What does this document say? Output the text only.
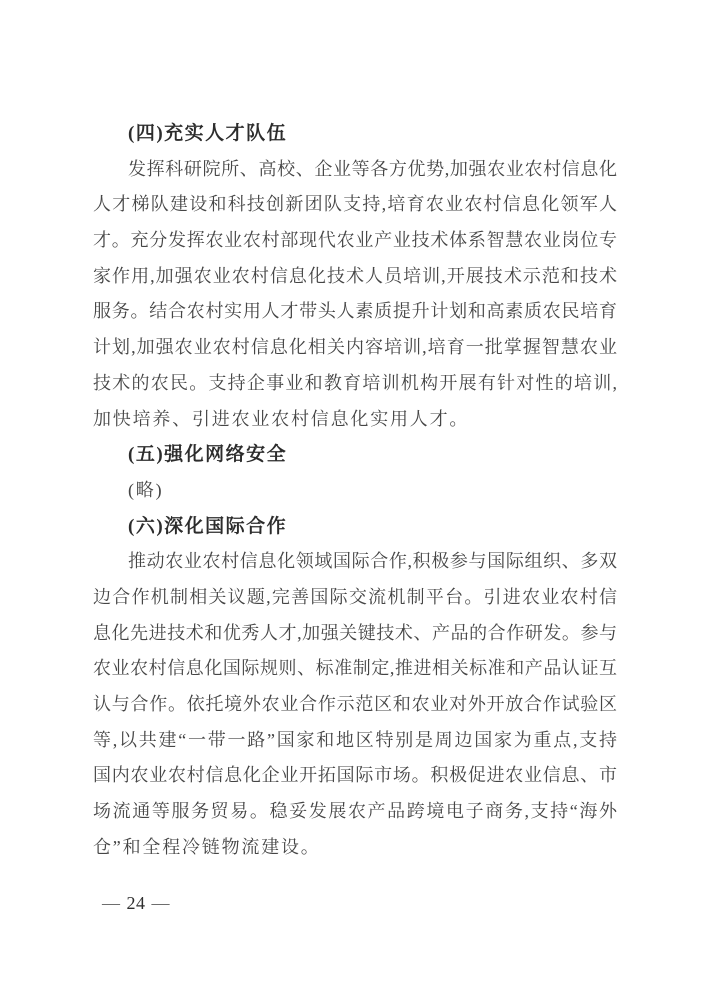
(四)充实人才队伍
发挥科研院所、高校、企业等各方优势,加强农业农村信息化
人才梯队建设和科技创新团队支持,培育农业农村信息化领军人
才。充分发挥农业农村部现代农业产业技术体系智慧农业岗位专
家作用,加强农业农村信息化技术人员培训,开展技术示范和技术
服务。结合农村实用人才带头人素质提升计划和高素质农民培育
计划,加强农业农村信息化相关内容培训,培育一批掌握智慧农业
技术的农民。支持企事业和教育培训机构开展有针对性的培训,
加快培养、引进农业农村信息化实用人才。
(五)强化网络安全
(略)
(六)深化国际合作
推动农业农村信息化领域国际合作,积极参与国际组织、多双
边合作机制相关议题,完善国际交流机制平台。引进农业农村信
息化先进技术和优秀人才,加强关键技术、产品的合作研发。参与
农业农村信息化国际规则、标准制定,推进相关标准和产品认证互
认与合作。依托境外农业合作示范区和农业对外开放合作试验区
等,以共建“一带一路”国家和地区特别是周边国家为重点,支持
国内农业农村信息化企业开拓国际市场。积极促进农业信息、市
场流通等服务贸易。稳妥发展农产品跨境电子商务,支持“海外
仓”和全程冷链物流建设。
— 24 —
